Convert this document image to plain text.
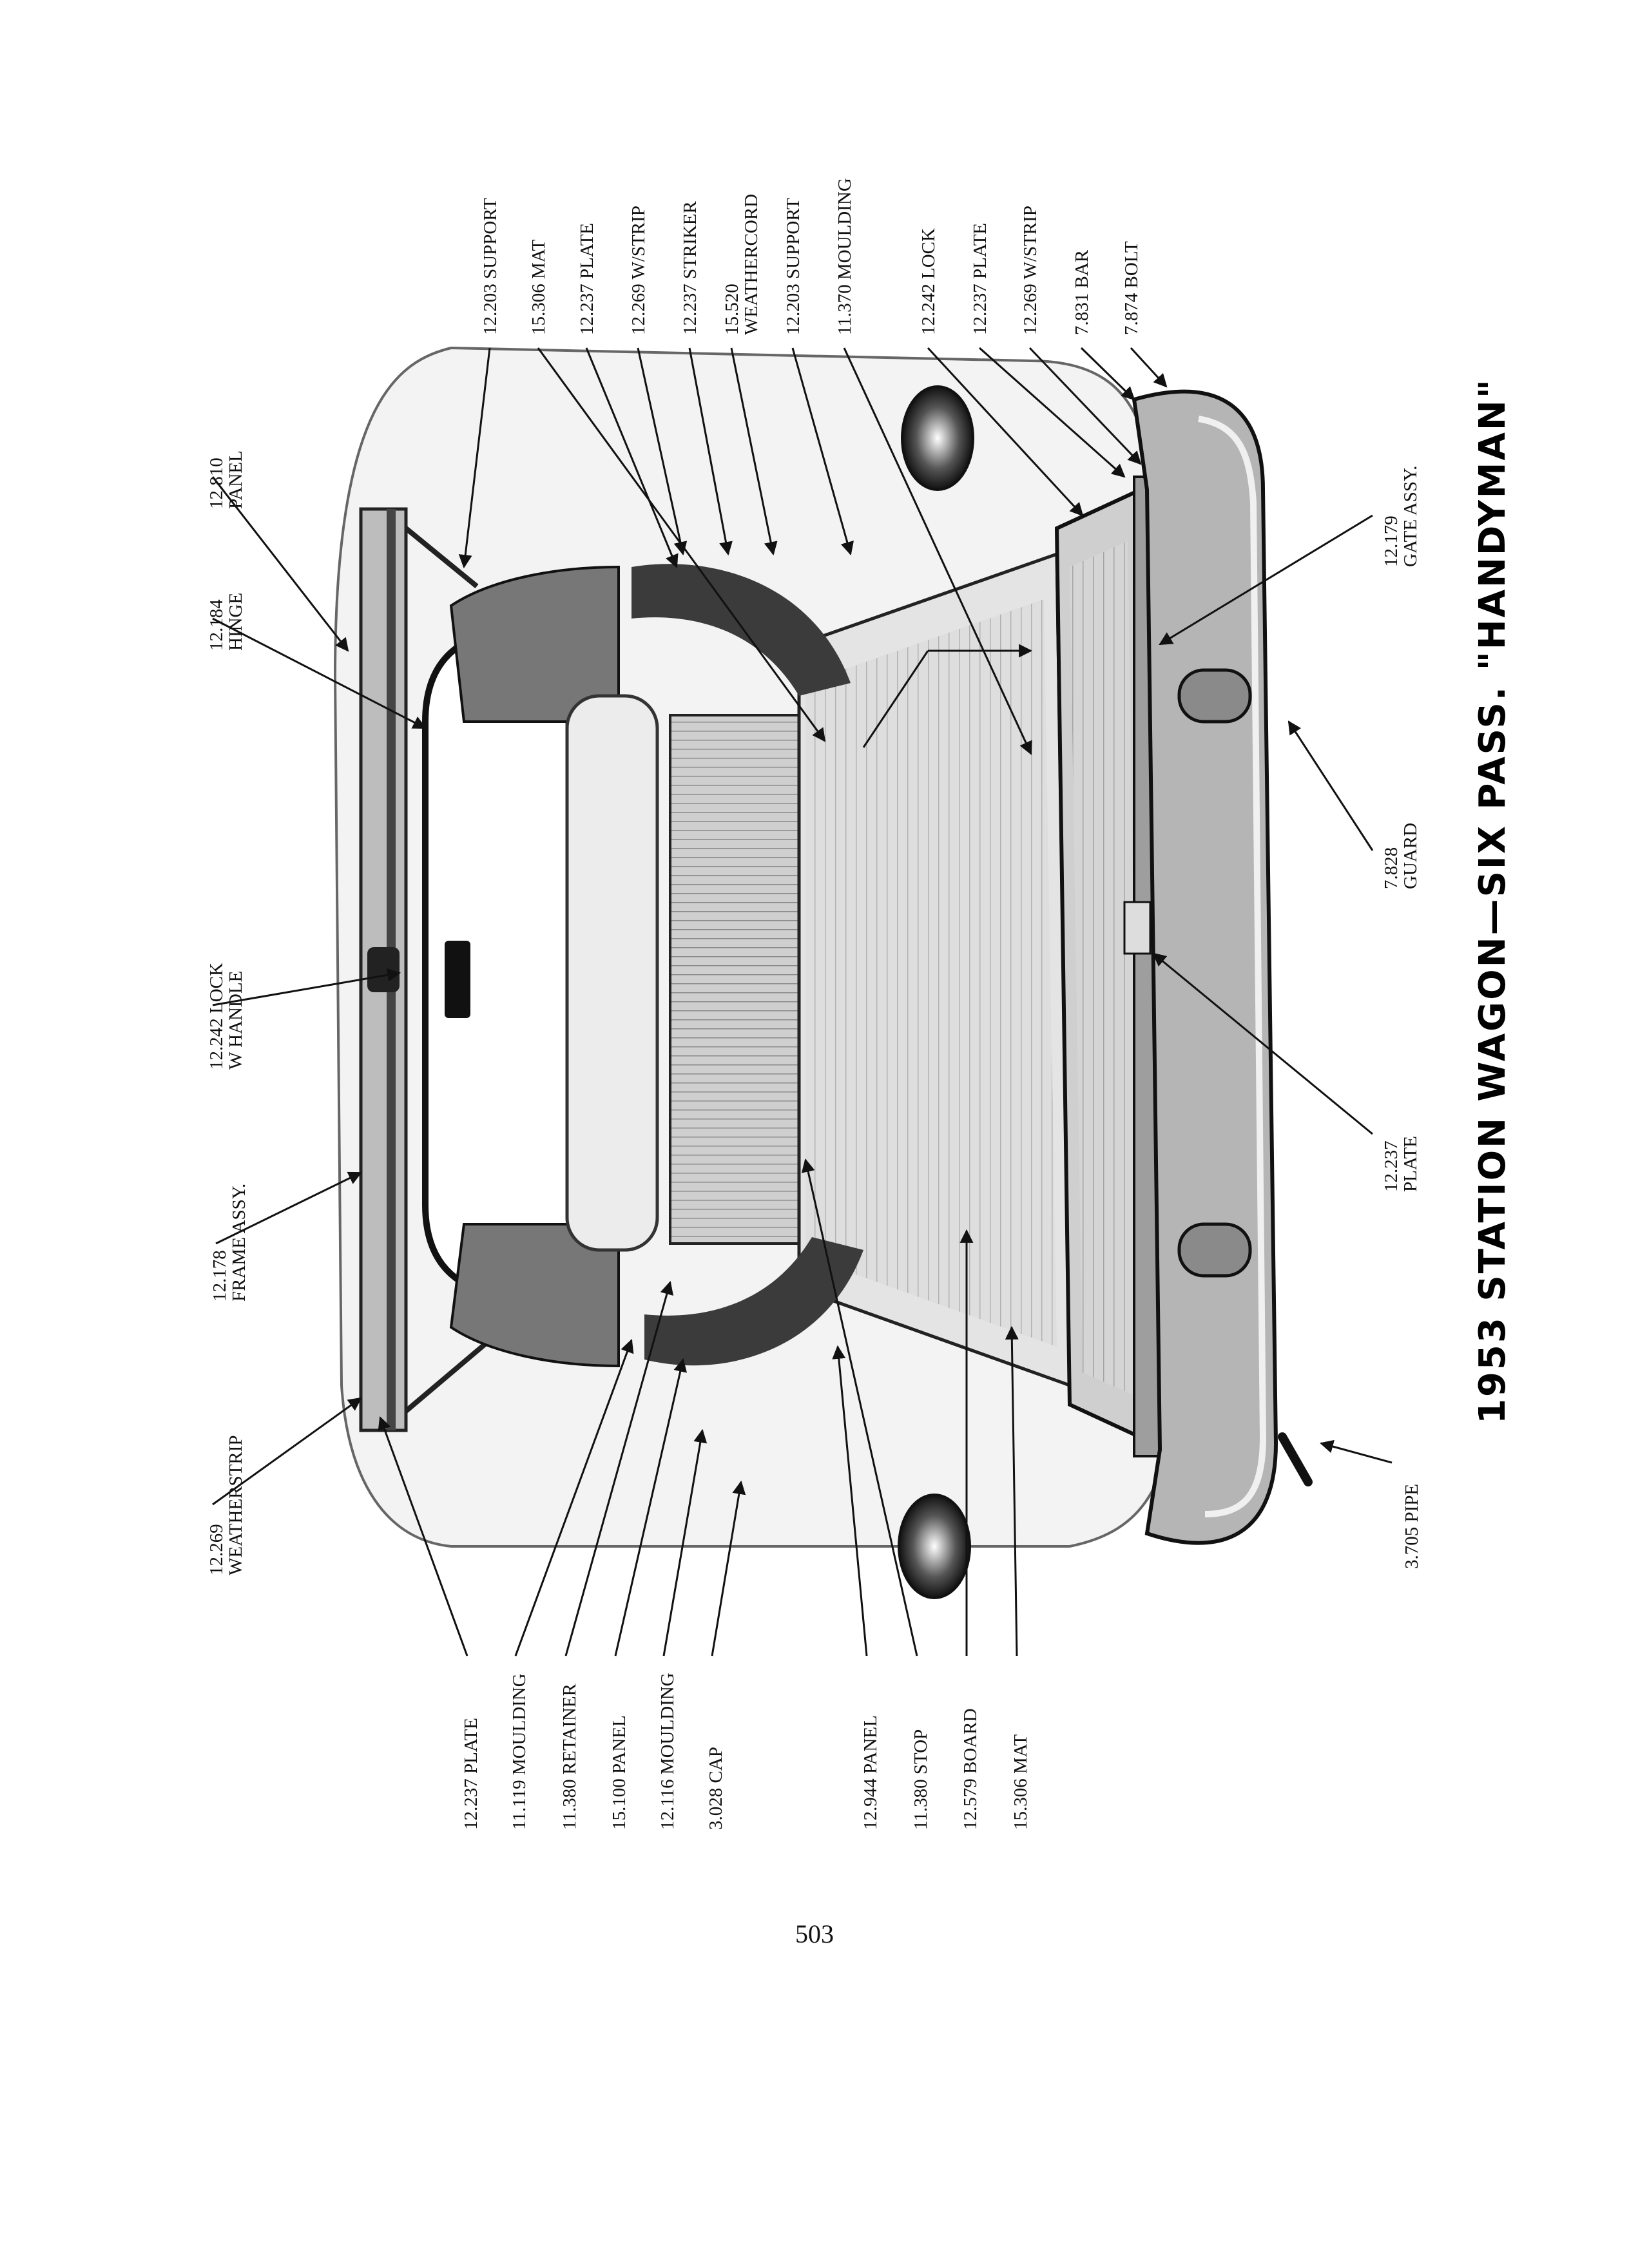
12.269WEATHERSTRIP
12.178FRAME ASSY.
12.242 LOCKW HANDLE
12.184HINGE
12.810PANEL
12.203 SUPPORT 15.306 MAT 12.237 PLATE 12.269 W/STRIP 12.237 STRIKER 15.520WEATHERCORD 12.203 SUPPORT 11.370 MOULDING	12.242 LOCK 12.237 PLATE 12.269 W/STRIP 7.831 BAR 7.874 BOLT
12.179GATE ASSY.
7.828GUARD
12.237PLATE
3.705 PIPE
12.237 PLATE 11.119 MOULDING 11.380 RETAINER 15.100 PANEL 12.116 MOULDING 3.028 CAP	12.944 PANEL 11.380 STOP 12.579 BOARD 15.306 MAT
1953 STATION WAGON—SIX PASS. "HANDYMAN"
503
